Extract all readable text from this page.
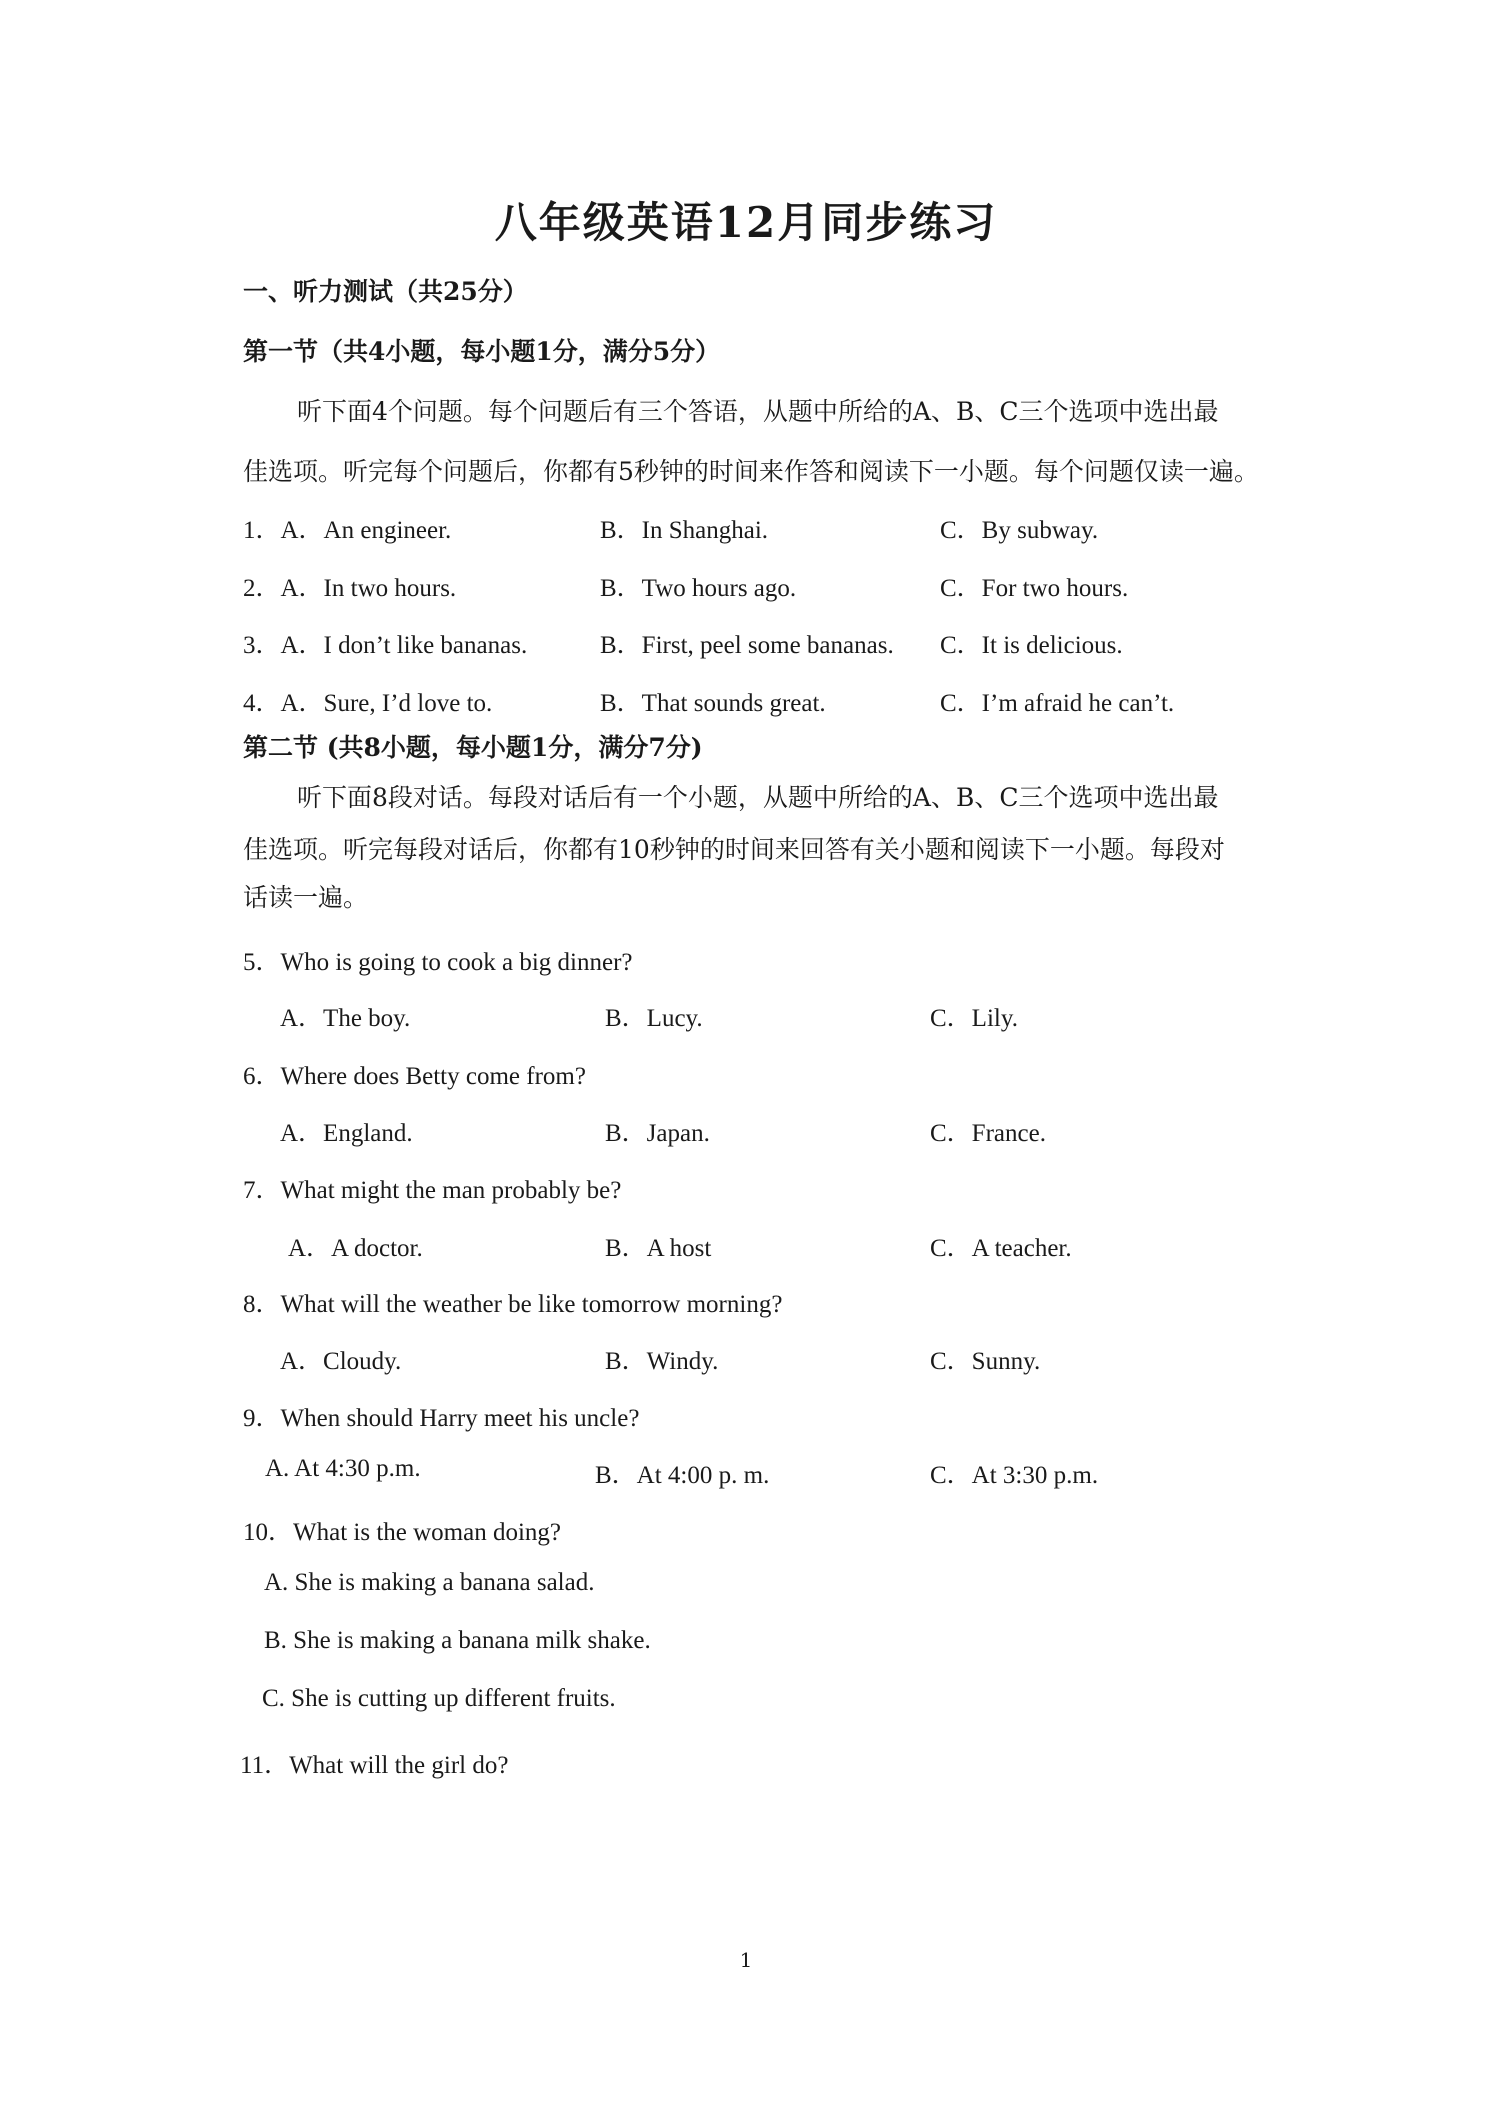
八年级英语12月同步练习
一、听力测试（共25分）
第一节（共4小题，每小题1分，满分5分）
听下面4个问题。每个问题后有三个答语，从题中所给的A、B、C三个选项中选出最
佳选项。听完每个问题后，你都有5秒钟的时间来作答和阅读下一小题。每个问题仅读一遍。
1．A．An engineer.	B．In Shanghai.	C．By subway.
2．A．In two hours.	B．Two hours ago.	C．For two hours.
3．A．I don’t like bananas.	B．First, peel some bananas. C．It is delicious.
4．A．Sure, I’d love to.	B．That sounds great.	C．I’m afraid he can’t.
第二节 (共8小题，每小题1分，满分7分)
听下面8段对话。每段对话后有一个小题，从题中所给的A、B、C三个选项中选出最
佳选项。听完每段对话后，你都有10秒钟的时间来回答有关小题和阅读下一小题。每段对
话读一遍。
5．Who is going to cook a big dinner?
A．The boy.	B．Lucy.	C．Lily.
6．Where does Betty come from?
A．England.	B．Japan.	C．France.
7．What might the man probably be?
A．A doctor.	B．A host	C．A teacher.
8．What will the weather be like tomorrow morning?
A．Cloudy.	B．Windy.	C．Sunny.
9．When should Harry meet his uncle?
A. At 4:30 p.m.	B．At 4:00 p. m.	C．At 3:30 p.m.
10．What is the woman doing?
A. She is making a banana salad.
B. She is making a banana milk shake.
C. She is cutting up different fruits.
11．What will the girl do?
1
